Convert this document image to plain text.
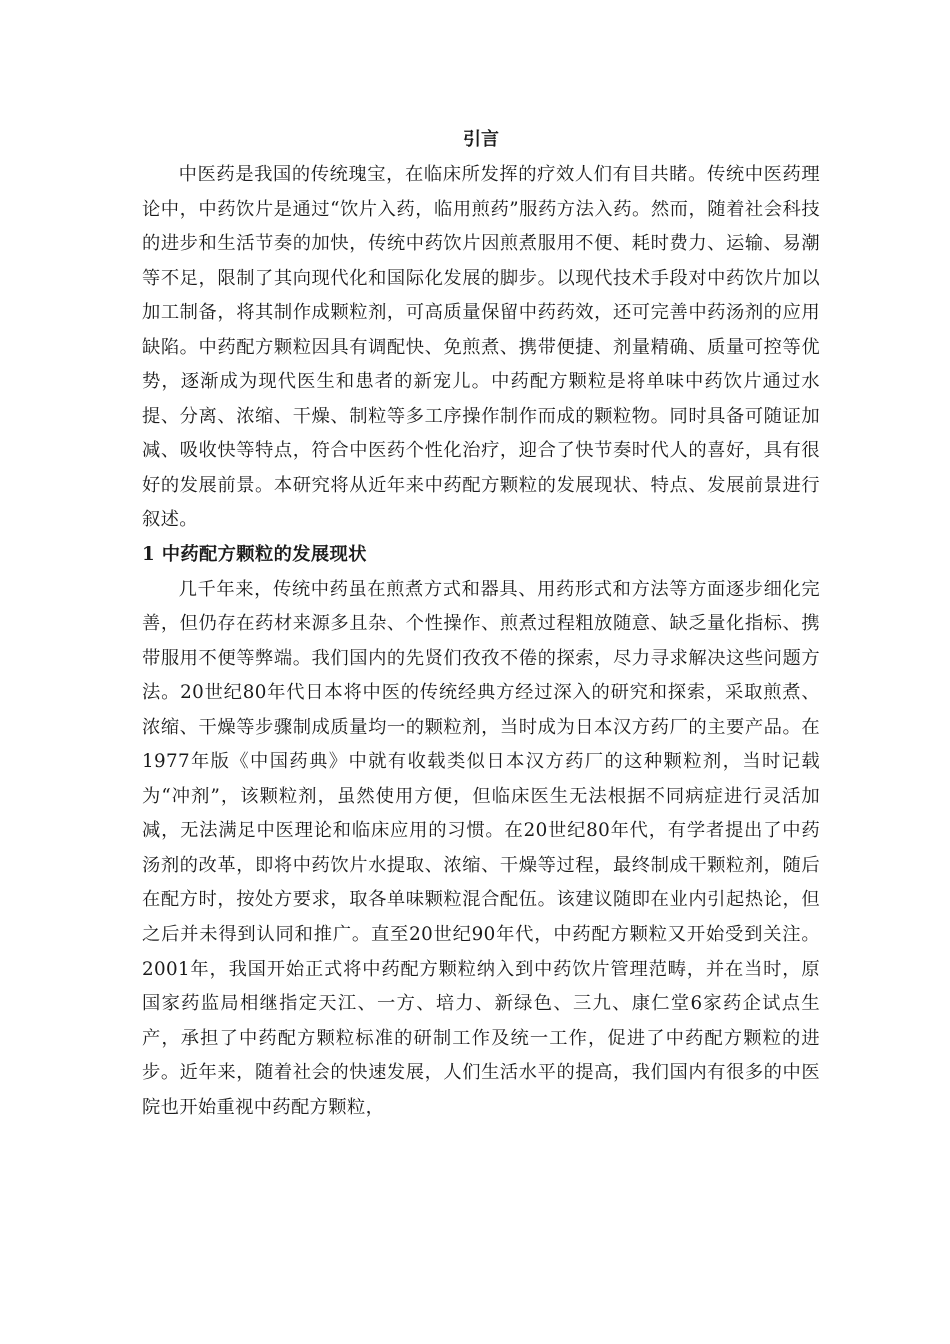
引言

中医药是我国的传统瑰宝，在临床所发挥的疗效人们有目共睹。传统中医药理论中，中药饮片是通过“饮片入药，临用煎药”服药方法入药。然而，随着社会科技的进步和生活节奏的加快，传统中药饮片因煎煮服用不便、耗时费力、运输、易潮等不足，限制了其向现代化和国际化发展的脚步。以现代技术手段对中药饮片加以加工制备，将其制作成颗粒剂，可高质量保留中药药效，还可完善中药汤剂的应用缺陷。中药配方颗粒因具有调配快、免煎煮、携带便捷、剂量精确、质量可控等优势，逐渐成为现代医生和患者的新宠儿。中药配方颗粒是将单味中药饮片通过水提、分离、浓缩、干燥、制粒等多工序操作制作而成的颗粒物。同时具备可随证加减、吸收快等特点，符合中医药个性化治疗，迎合了快节奏时代人的喜好，具有很好的发展前景。本研究将从近年来中药配方颗粒的发展现状、特点、发展前景进行叙述。

1 中药配方颗粒的发展现状

几千年来，传统中药虽在煎煮方式和器具、用药形式和方法等方面逐步细化完善，但仍存在药材来源多且杂、个性操作、煎煮过程粗放随意、缺乏量化指标、携带服用不便等弊端。我们国内的先贤们孜孜不倦的探索，尽力寻求解决这些问题方法。20世纪80年代日本将中医的传统经典方经过深入的研究和探索，采取煎煮、浓缩、干燥等步骤制成质量均一的颗粒剂，当时成为日本汉方药厂的主要产品。在1977年版《中国药典》中就有收载类似日本汉方药厂的这种颗粒剂，当时记载为“冲剂”，该颗粒剂，虽然使用方便，但临床医生无法根据不同病症进行灵活加减，无法满足中医理论和临床应用的习惯。在20世纪80年代，有学者提出了中药汤剂的改革，即将中药饮片水提取、浓缩、干燥等过程，最终制成干颗粒剂，随后在配方时，按处方要求，取各单味颗粒混合配伍。该建议随即在业内引起热论，但之后并未得到认同和推广。直至20世纪90年代，中药配方颗粒又开始受到关注。2001年，我国开始正式将中药配方颗粒纳入到中药饮片管理范畴，并在当时，原国家药监局相继指定天江、一方、培力、新绿色、三九、康仁堂6家药企试点生产，承担了中药配方颗粒标准的研制工作及统一工作，促进了中药配方颗粒的进步。近年来，随着社会的快速发展，人们生活水平的提高，我们国内有很多的中医院也开始重视中药配方颗粒，
